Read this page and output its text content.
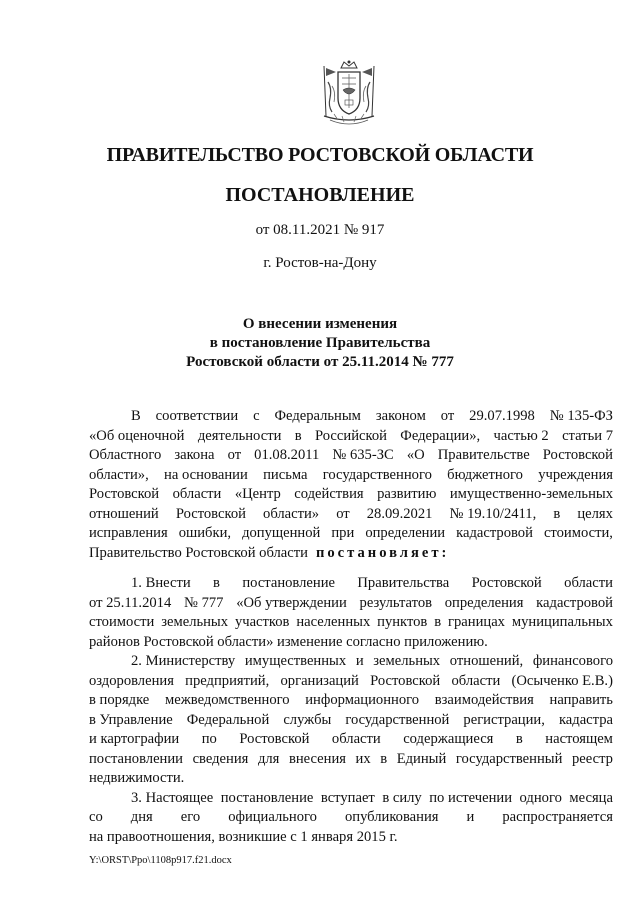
ПРАВИТЕЛЬСТВО РОСТОВСКОЙ ОБЛАСТИ
ПОСТАНОВЛЕНИЕ
от 08.11.2021 № 917
г. Ростов-на-Дону
О внесении изменения
в постановление Правительства
Ростовской области от 25.11.2014 № 777
В соответствии с Федеральным законом от 29.07.1998 № 135-ФЗ
«Об оценочной деятельности в Российской Федерации», частью 2 статьи 7
Областного закона от 01.08.2011 № 635-ЗС «О Правительстве Ростовской
области», на основании письма государственного бюджетного учреждения
Ростовской области «Центр содействия развитию имущественно-земельных
отношений Ростовской области» от 28.09.2021 № 19.10/2411, в целях
исправления ошибки, допущенной при определении кадастровой стоимости,
Правительство Ростовской области постановляет:
1. Внести в постановление Правительства Ростовской области
от 25.11.2014 № 777 «Об утверждении результатов определения кадастровой
стоимости земельных участков населенных пунктов в границах муниципальных
районов Ростовской области» изменение согласно приложению.
2. Министерству имущественных и земельных отношений, финансового
оздоровления предприятий, организаций Ростовской области (Осыченко Е.В.)
в порядке межведомственного информационного взаимодействия направить
в Управление Федеральной службы государственной регистрации, кадастра
и картографии по Ростовской области содержащиеся в настоящем
постановлении сведения для внесения их в Единый государственный реестр
недвижимости.
3. Настоящее постановление вступает в силу по истечении одного месяца
со дня его официального опубликования и распространяется
на правоотношения, возникшие с 1 января 2015 г.
Y:\ORST\Ppo\1108p917.f21.docx
